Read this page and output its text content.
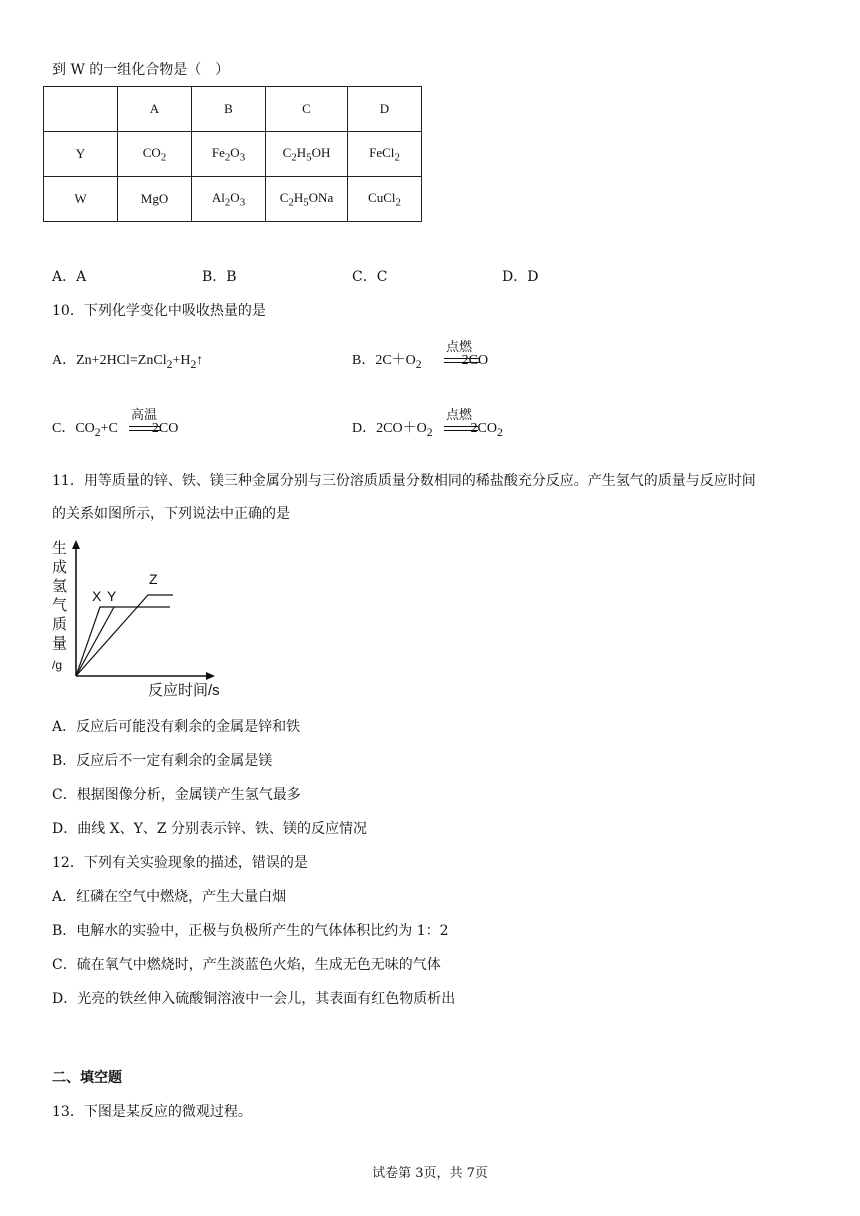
到 W 的一组化合物是（　）
	A	B	C	D
Y	$CO_2$	$Fe_2O_3$	$C_2H_5OH$	FeCl$_2$
W	MgO	$Al_2O_3$	$C_2H_5ONa$	CuCl$_2$
A．A	B．B	C．C	D．D
10．下列化学变化中吸收热量的是
A．$Zn+2HCl=ZnCl_2+H_2↑$	B．$2C+O_2$	2CO
点燃
C．$CO_2+C$ 2CO
高温
D．$2CO+O_2$	$2CO_2$
点燃
11．用等质量的锌、铁、镁三种金属分别与三份溶质质量分数相同的稀盐酸充分反应。产生氢气的质量与反应时间
的关系如图所示，下列说法中正确的是
生
成
氢
气
质
量
/g
反应时间/s
X Y
Z
A．反应后可能没有剩余的金属是锌和铁
B．反应后不一定有剩余的金属是镁
C．根据图像分析，金属镁产生氢气最多
D．曲线 X、Y、Z 分别表示锌、铁、镁的反应情况
12．下列有关实验现象的描述，错误的是
A．红磷在空气中燃烧，产生大量白烟
B．电解水的实验中，正极与负极所产生的气体体积比约为 1：2
C．硫在氧气中燃烧时，产生淡蓝色火焰，生成无色无味的气体
D．光亮的铁丝伸入硫酸铜溶液中一会儿，其表面有红色物质析出
二、填空题
13．下图是某反应的微观过程。
试卷第 3页，共 7页
